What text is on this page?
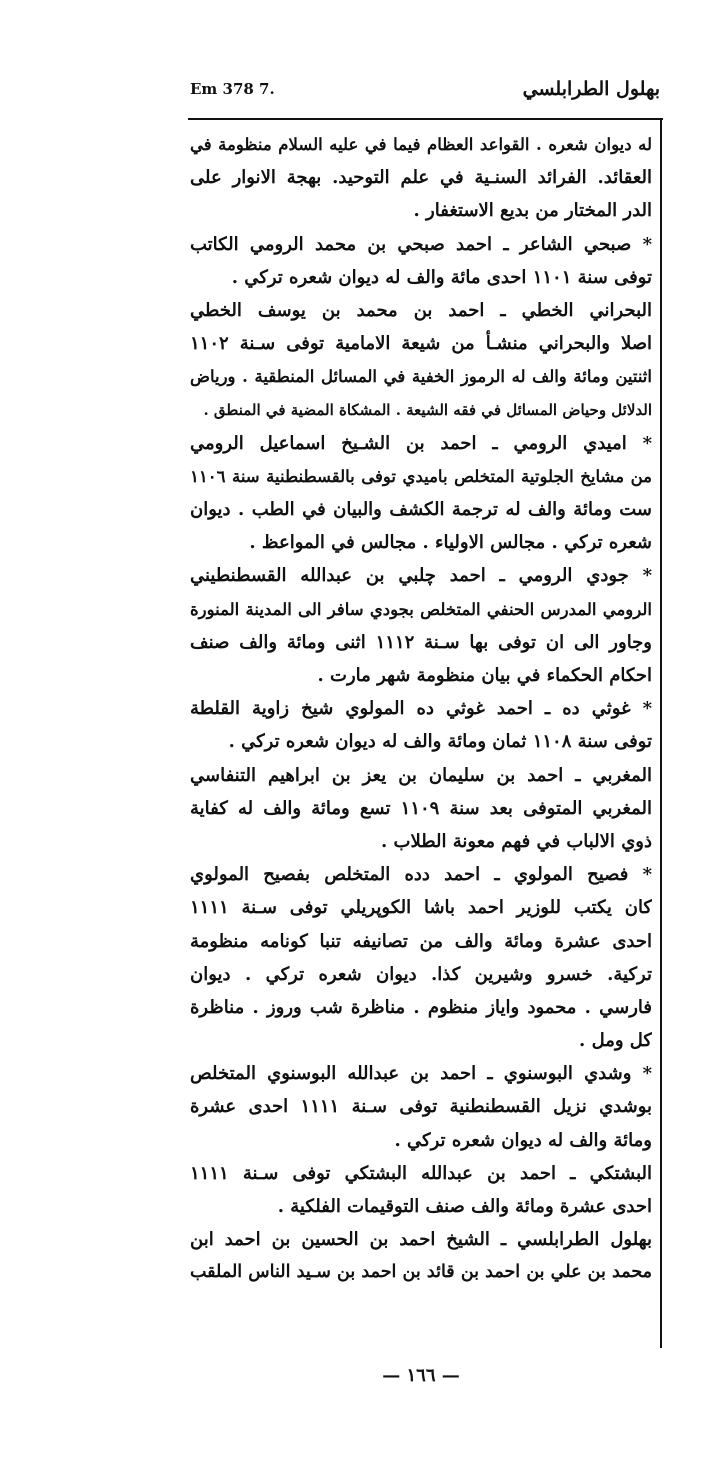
بهلول الطرابلسي
Em 378 7.
له ديوان شعره . القواعد العظام فيما في عليه السلام منظومة في
العقائد. الفرائد السنـية في علم التوحيد. بهجة الانوار على
الدر المختار من بديع الاستغفار .
* صبحي الشاعر ـ احمد صبحي بن محمد الرومي الكاتب
توفى سنة ١١٠١ احدى مائة والف له ديوان شعره تركي .
البحراني الخطي ـ احمد بن محمد بن يوسف الخطي
اصلا والبحراني منشـأ من شيعة الامامية توفى سـنة ١١٠٢
اثنتين ومائة والف له الرموز الخفية في المسائل المنطقية . ورياض
الدلائل وحياض المسائل في فقه الشيعة . المشكاة المضية في المنطق .
* اميدي الرومي ـ احمد بن الشـيخ اسماعيل الرومي
من مشايخ الجلوتية المتخلص باميدي توفى بالقسطنطنية سنة ١١٠٦
ست ومائة والف له ترجمة الكشف والبيان في الطب . ديوان
شعره تركي . مجالس الاولياء . مجالس في المواعظ .
* جودي الرومي ـ احمد چلبي بن عبدالله القسطنطيني
الرومي المدرس الحنفي المتخلص بجودي سافر الى المدينة المنورة
وجاور الى ان توفى بها سـنة ١١١٢ اثنى ومائة والف صنف
احكام الحكماء في بيان منظومة شهر مارت .
* غوثي ده ـ احمد غوثي ده المولوي شيخ زاوية القلطة
توفى سنة ١١٠٨ ثمان ومائة والف له ديوان شعره تركي .
المغربي ـ احمد بن سليمان بن يعز بن ابراهيم التنفاسي
المغربي المتوفى بعد سنة ١١٠٩ تسع ومائة والف له كفاية
ذوي الالباب في فهم معونة الطلاب .
* فصيح المولوي ـ احمد دده المتخلص بفصيح المولوي
كان يكتب للوزير احمد باشا الكوپريلي توفى سـنة ١١١١
احدى عشرة ومائة والف من تصانيفه تنبا كونامه منظومة
تركية. خسرو وشيرين كذا. ديوان شعره تركي . ديوان
فارسي . محمود واياز منظوم . مناظرة شب وروز . مناظرة
كل ومل .
* وشدي البوسنوي ـ احمد بن عبدالله البوسنوي المتخلص
بوشدي نزيل القسطنطنية توفى سـنة ١١١١ احدى عشرة
ومائة والف له ديوان شعره تركي .
البشتكي ـ احمد بن عبدالله البشتكي توفى سـنة ١١١١
احدى عشرة ومائة والف صنف التوقيمات الفلكية .
بهلول الطرابلسي ـ الشيخ احمد بن الحسين بن احمد ابن
محمد بن علي بن احمد بن قائد بن احمد بن سـيد الناس الملقب
— ١٦٦ —
